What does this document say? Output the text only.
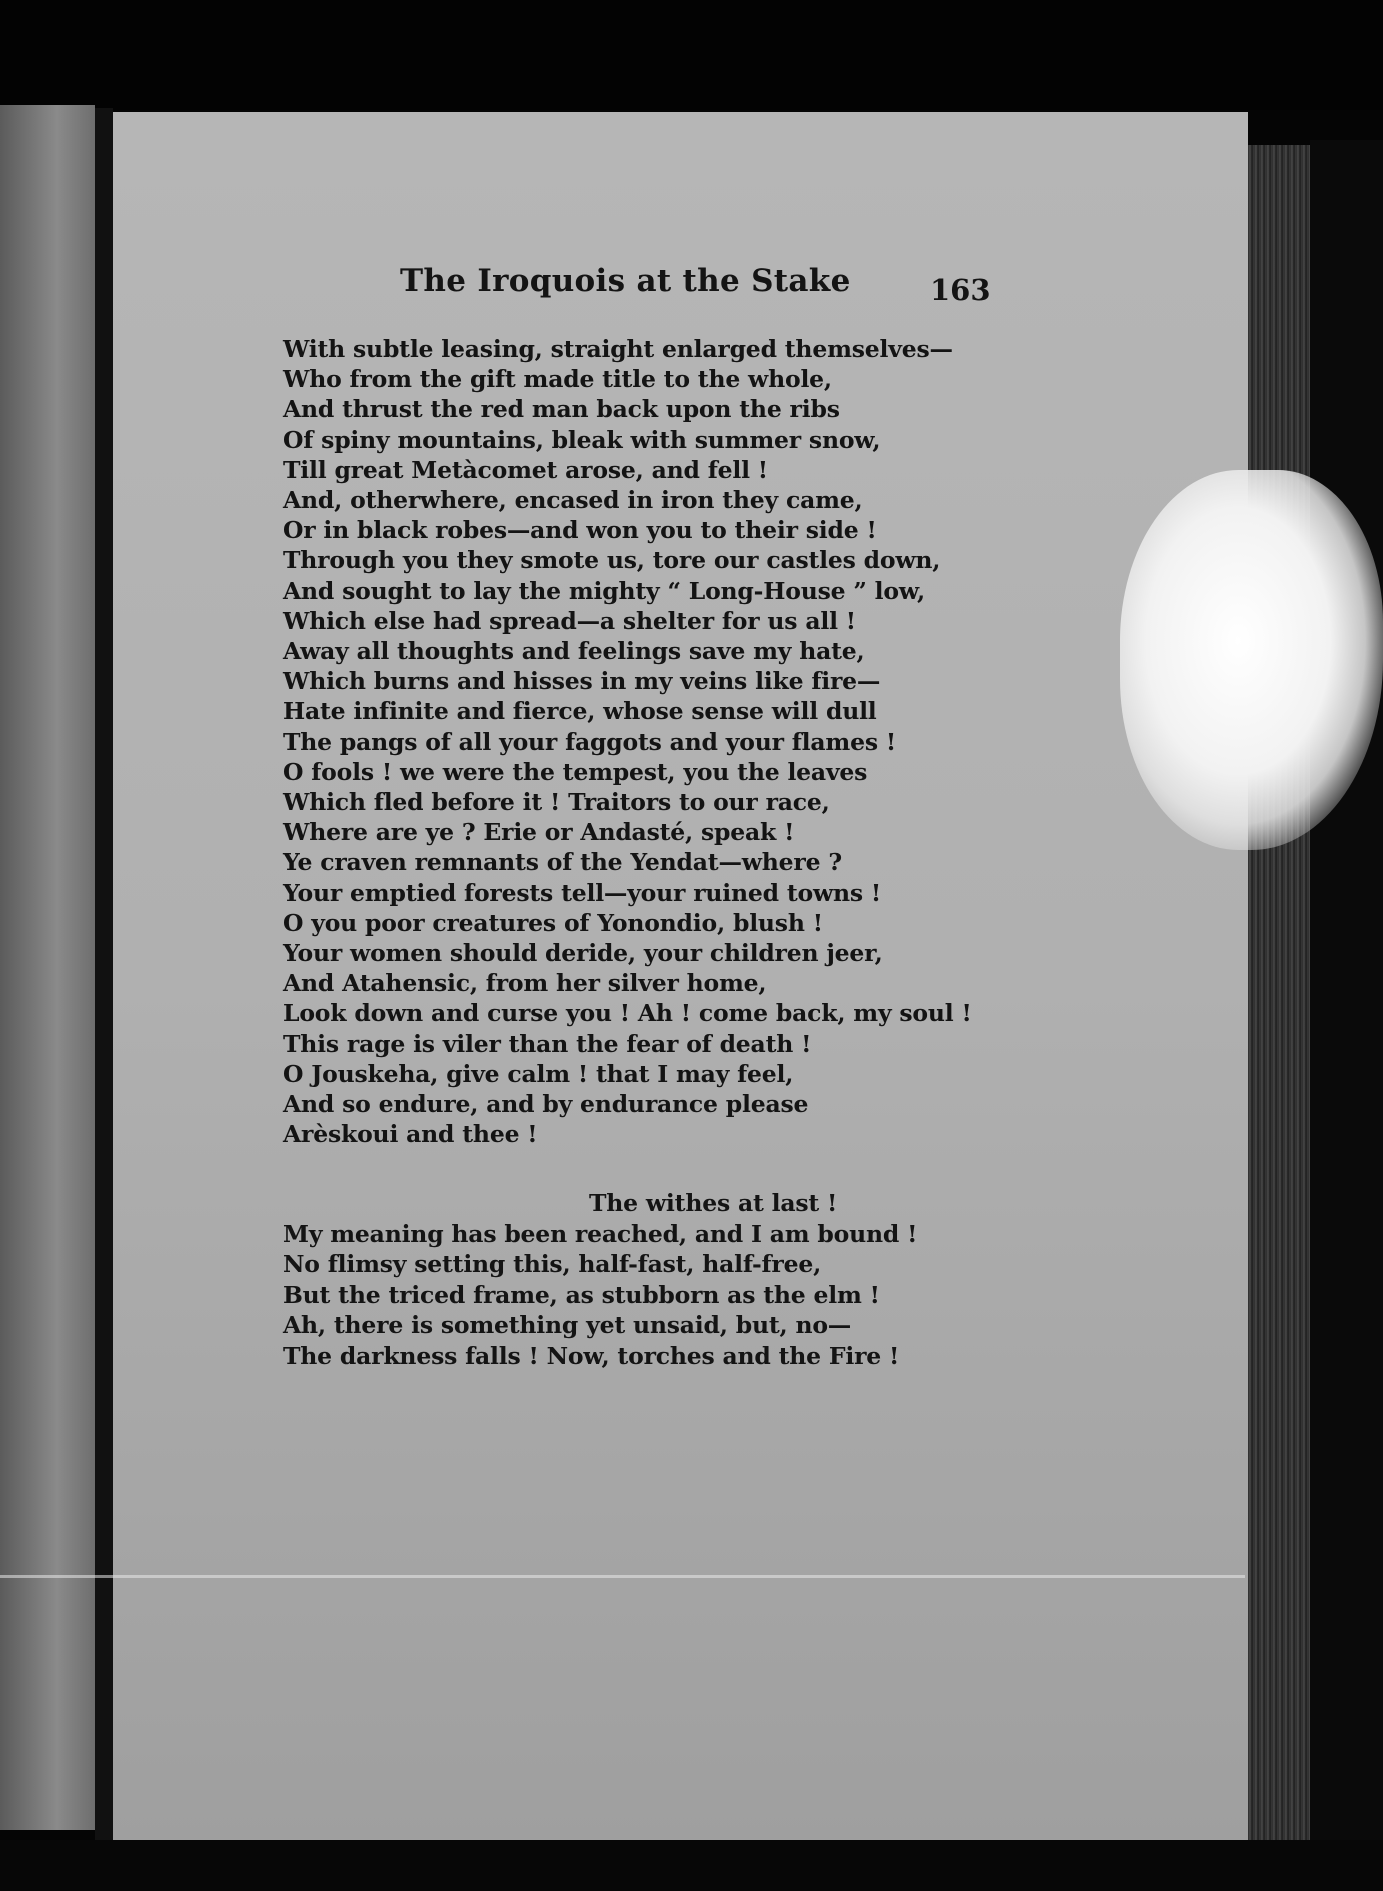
The Iroquois at the Stake	163
With subtle leasing, straight enlarged themselves—
Who from the gift made title to the whole,
And thrust the red man back upon the ribs
Of spiny mountains, bleak with summer snow,
Till great Metàcomet arose, and fell !
And, otherwhere, encased in iron they came,
Or in black robes—and won you to their side !
Through you they smote us, tore our castles down,
And sought to lay the mighty “ Long-House ” low,
Which else had spread—a shelter for us all !
Away all thoughts and feelings save my hate,
Which burns and hisses in my veins like fire—
Hate infinite and fierce, whose sense will dull
The pangs of all your faggots and your flames !
O fools ! we were the tempest, you the leaves
Which fled before it ! Traitors to our race,
Where are ye ? Erie or Andasté, speak !
Ye craven remnants of the Yendat—where ?
Your emptied forests tell—your ruined towns !
O you poor creatures of Yonondio, blush !
Your women should deride, your children jeer,
And Atahensic, from her silver home,
Look down and curse you ! Ah ! come back, my soul !
This rage is viler than the fear of death !
O Jouskeha, give calm ! that I may feel,
And so endure, and by endurance please
Arèskoui and thee !
The withes at last !
My meaning has been reached, and I am bound !
No flimsy setting this, half-fast, half-free,
But the triced frame, as stubborn as the elm !
Ah, there is something yet unsaid, but, no—
The darkness falls ! Now, torches and the Fire !
